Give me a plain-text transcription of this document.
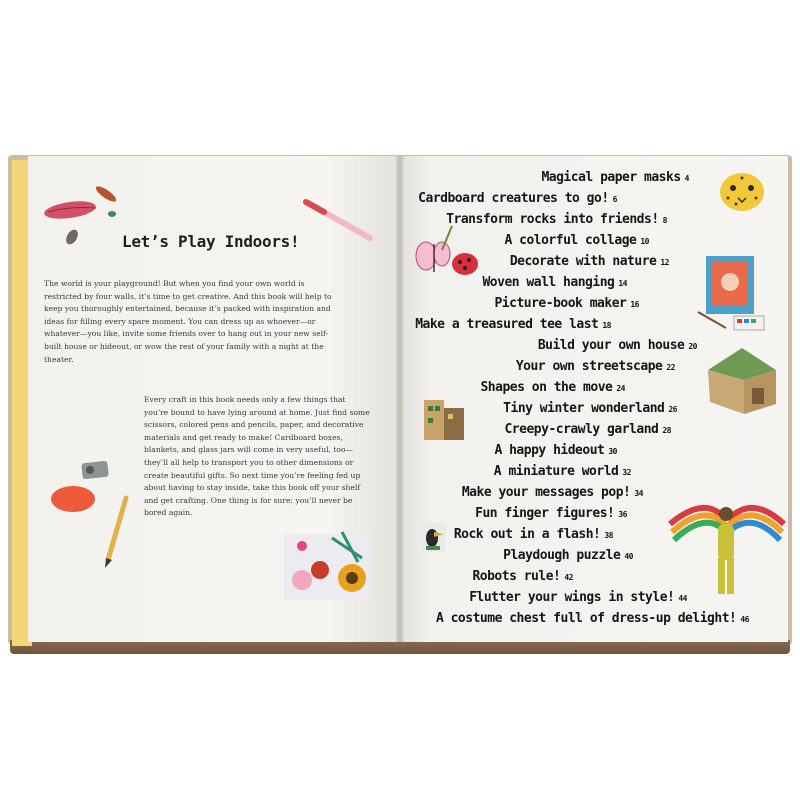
Let’s Play Indoors!
The world is your playground! But when you find your own world is restricted by four walls, it’s time to get creative. And this book will help to keep you thoroughly entertained, because it’s packed with inspiration and ideas for filling every spare moment. You can dress up as whoever—or whatever—you like, invite some friends over to hang out in your new self-built house or hideout, or wow the rest of your family with a night at the theater.
Every craft in this book needs only a few things that you’re bound to have lying around at home. Just find some scissors, colored pens and pencils, paper, and decorative materials and get ready to make! Cardboard boxes, blankets, and glass jars will come in very useful, too—they’ll all help to transport you to other dimensions or create beautiful gifts. So next time you’re feeling fed up about having to stay inside, take this book off your shelf and get crafting. One thing is for sure: you’ll never be bored again.
Magical paper masks 4
Cardboard creatures to go! 6
Transform rocks into friends! 8
A colorful collage 10
Decorate with nature 12
Woven wall hanging 14
Picture-book maker 16
Make a treasured tee last 18
Build your own house 20
Your own streetscape 22
Shapes on the move 24
Tiny winter wonderland 26
Creepy-crawly garland 28
A happy hideout 30
A miniature world 32
Make your messages pop! 34
Fun finger figures! 36
Rock out in a flash! 38
Playdough puzzle 40
Robots rule! 42
Flutter your wings in style! 44
A costume chest full of dress-up delight! 46
